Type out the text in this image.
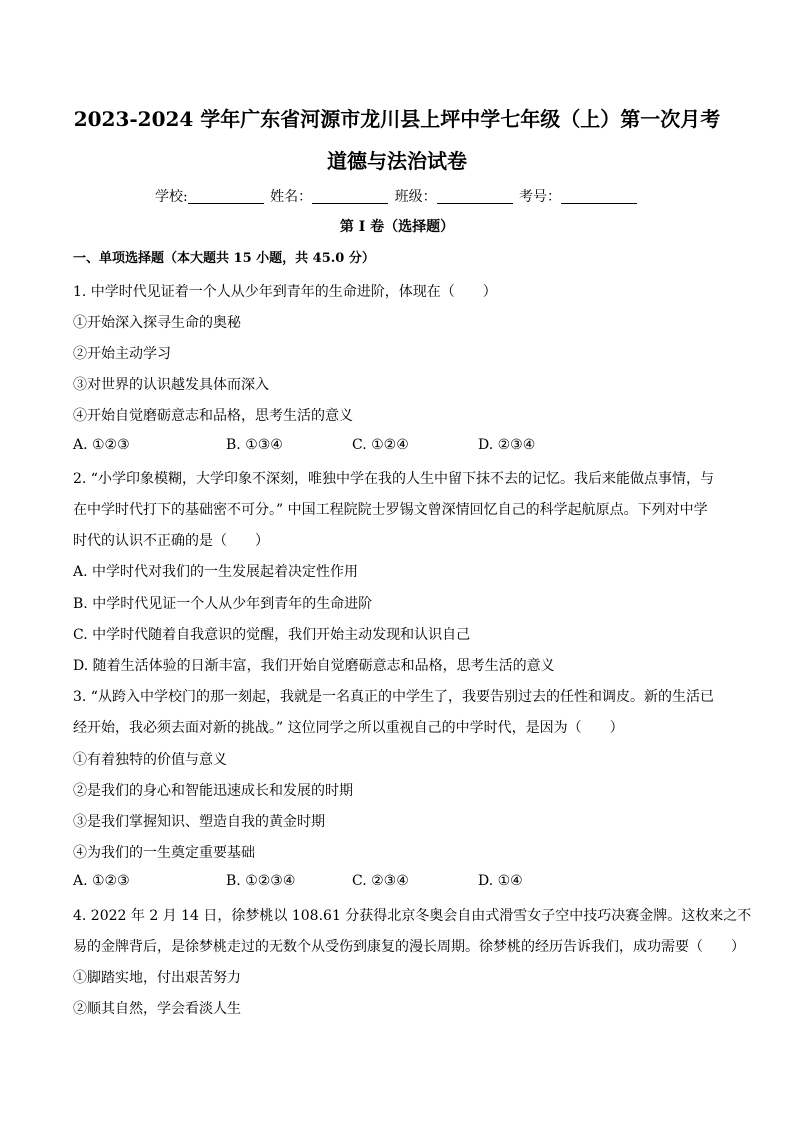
2023-2024 学年广东省河源市龙川县上坪中学七年级（上）第一次月考
道德与法治试卷
学校:	姓名：	班级：	考号：
第 I 卷（选择题）
一、单项选择题（本大题共 15 小题，共 45.0 分）
1. 中学时代见证着一个人从少年到青年的生命进阶，体现在（　　）
①开始深入探寻生命的奥秘
②开始主动学习
③对世界的认识越发具体而深入
④开始自觉磨砺意志和品格，思考生活的意义
A. ①②③	B. ①③④	C. ①②④	D. ②③④
2. “小学印象模糊，大学印象不深刻，唯独中学在我的人生中留下抹不去的记忆。我后来能做点事情，与
在中学时代打下的基础密不可分。” 中国工程院院士罗锡文曾深情回忆自己的科学起航原点。下列对中学
时代的认识不正确的是（　　）
A. 中学时代对我们的一生发展起着决定性作用
B. 中学时代见证一个人从少年到青年的生命进阶
C. 中学时代随着自我意识的觉醒，我们开始主动发现和认识自己
D. 随着生活体验的日渐丰富，我们开始自觉磨砺意志和品格，思考生活的意义
3. “从跨入中学校门的那一刻起，我就是一名真正的中学生了，我要告别过去的任性和调皮。新的生活已
经开始，我必须去面对新的挑战。” 这位同学之所以重视自己的中学时代，是因为（　　）
①有着独特的价值与意义
②是我们的身心和智能迅速成长和发展的时期
③是我们掌握知识、塑造自我的黄金时期
④为我们的一生奠定重要基础
A. ①②③	B. ①②③④	C. ②③④	D. ①④
4. 2022 年 2 月 14 日，徐梦桃以 108.61 分获得北京冬奥会自由式滑雪女子空中技巧决赛金牌。这枚来之不
易的金牌背后，是徐梦桃走过的无数个从受伤到康复的漫长周期。徐梦桃的经历告诉我们，成功需要（　　）
①脚踏实地，付出艰苦努力
②顺其自然，学会看淡人生
